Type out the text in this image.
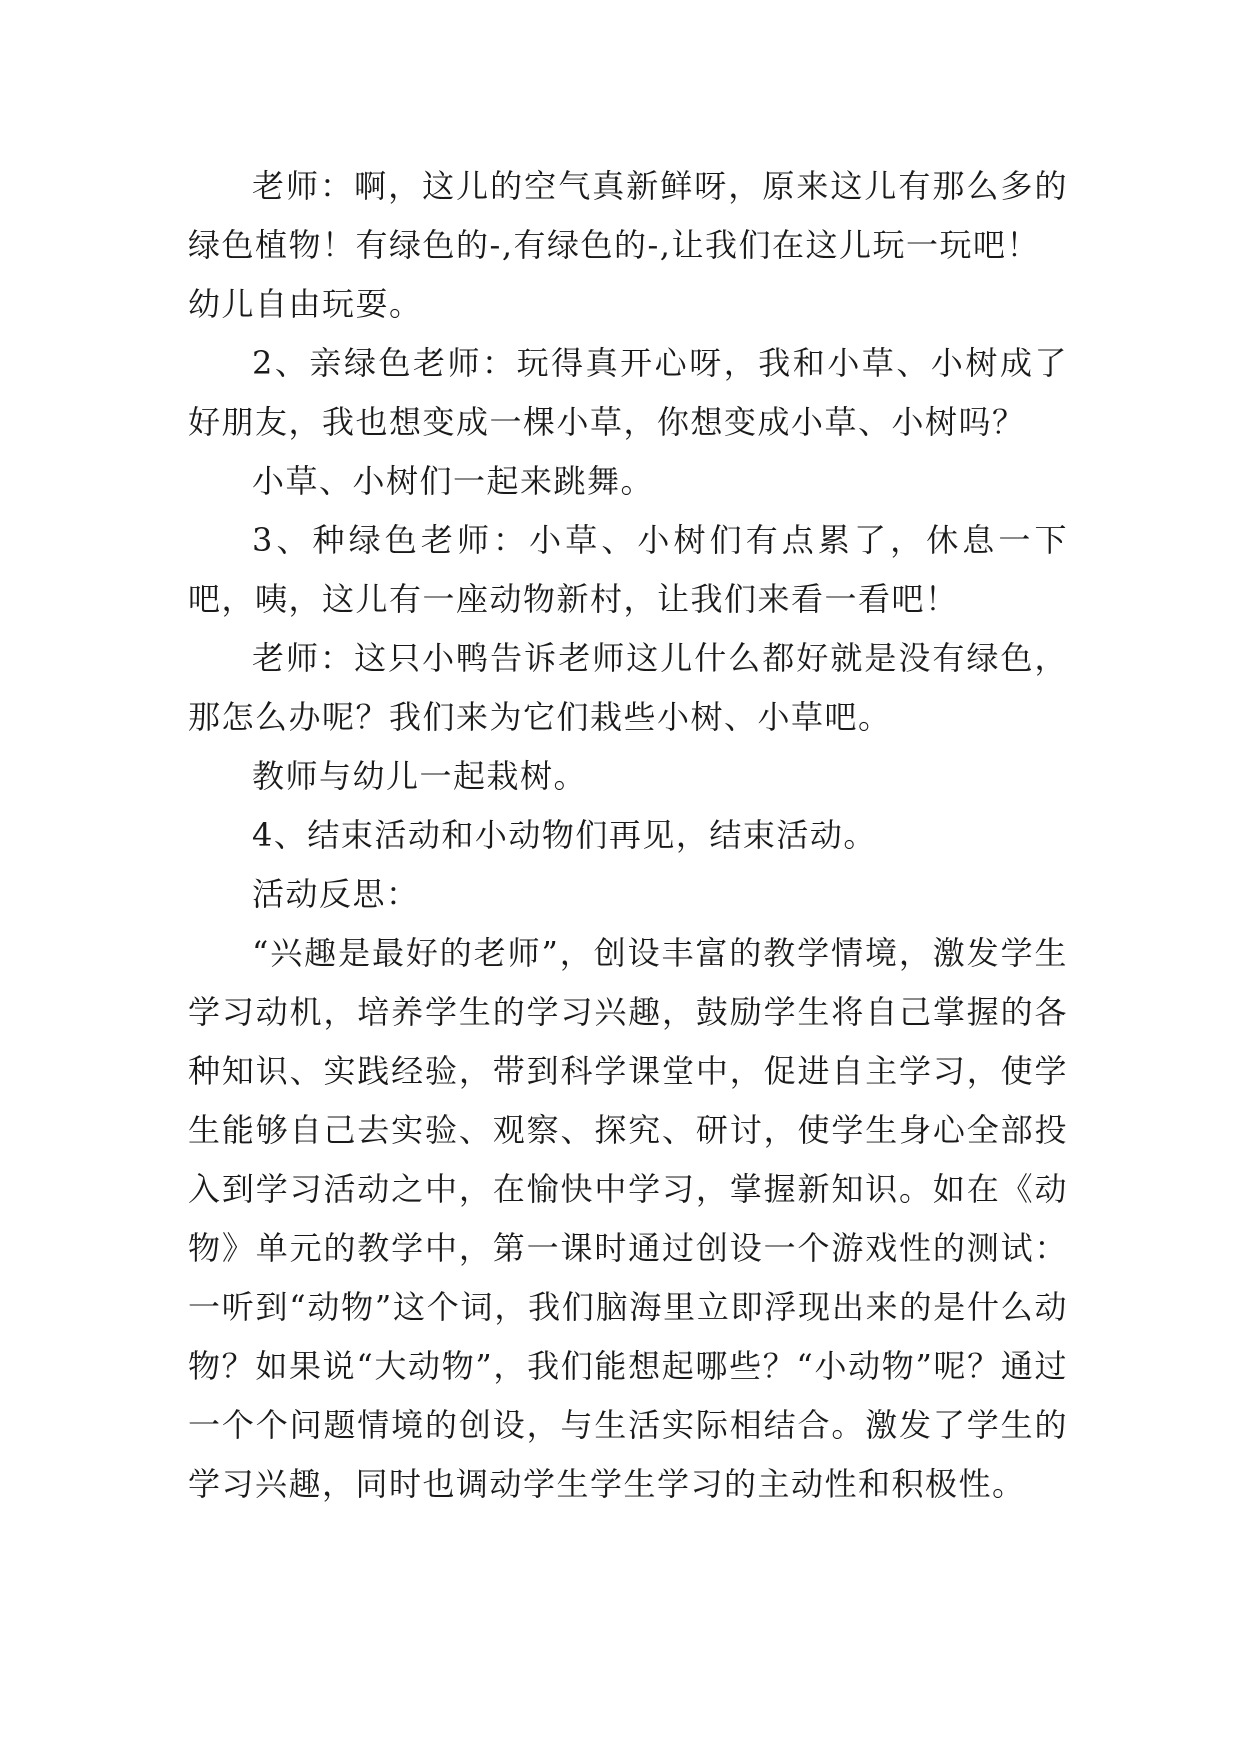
老师：啊，这儿的空气真新鲜呀，原来这儿有那么多的绿色植物！有绿色的-,有绿色的-,让我们在这儿玩一玩吧！

幼儿自由玩耍。

2、亲绿色老师：玩得真开心呀，我和小草、小树成了好朋友，我也想变成一棵小草，你想变成小草、小树吗？

小草、小树们一起来跳舞。

3、种绿色老师：小草、小树们有点累了，休息一下吧，咦，这儿有一座动物新村，让我们来看一看吧！

老师：这只小鸭告诉老师这儿什么都好就是没有绿色，那怎么办呢？我们来为它们栽些小树、小草吧。

教师与幼儿一起栽树。

4、结束活动和小动物们再见，结束活动。

活动反思：

“兴趣是最好的老师”，创设丰富的教学情境，激发学生学习动机，培养学生的学习兴趣，鼓励学生将自己掌握的各种知识、实践经验，带到科学课堂中，促进自主学习，使学生能够自己去实验、观察、探究、研讨，使学生身心全部投入到学习活动之中，在愉快中学习，掌握新知识。如在《动物》单元的教学中，第一课时通过创设一个游戏性的测试：一听到“动物”这个词，我们脑海里立即浮现出来的是什么动物？如果说“大动物”，我们能想起哪些？“小动物”呢？通过一个个问题情境的创设，与生活实际相结合。激发了学生的学习兴趣，同时也调动学生学生学习的主动性和积极性。
